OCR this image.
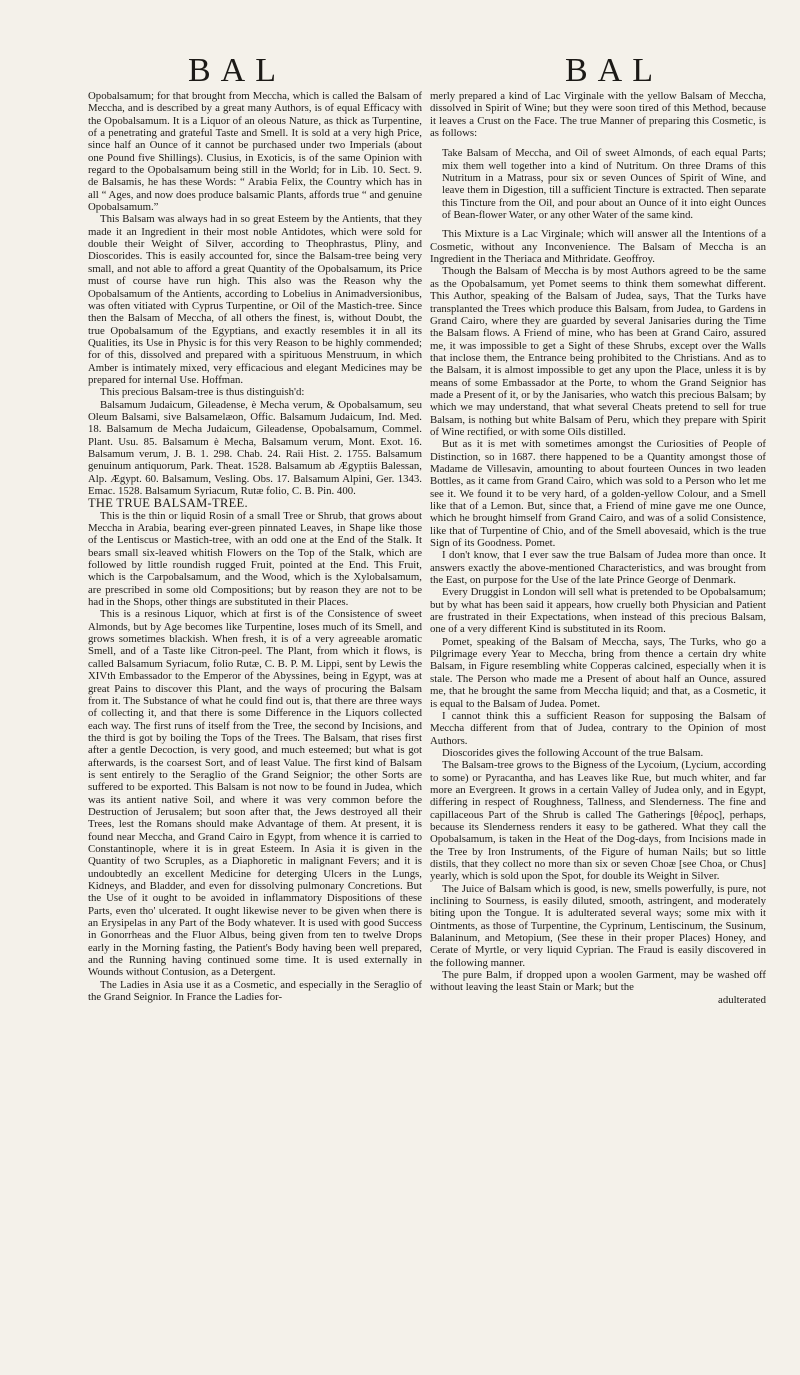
BAL	BAL

Opobalsamum; for that brought from Meccha, which is called the Balsam of Meccha, and is described by a great many Authors, is of equal Efficacy with the Opobalsamum. It is a Liquor of an oleous Nature, as thick as Turpentine, of a penetrating and grateful Taste and Smell. It is sold at a very high Price, since half an Ounce of it cannot be purchased under two Imperials (about one Pound five Shillings). Clusius, in Exoticis, is of the same Opinion with regard to the Opobalsamum being still in the World; for in Lib. 10. Sect. 9. de Balsamis, he has these Words: “ Arabia Felix, the Country which has in all “ Ages, and now does produce balsamic Plants, affords true “ and genuine Opobalsamum.”

This Balsam was always had in so great Esteem by the Antients, that they made it an Ingredient in their most noble Antidotes, which were sold for double their Weight of Silver, according to Theophrastus, Pliny, and Dioscorides. This is easily accounted for, since the Balsam-tree being very small, and not able to afford a great Quantity of the Opobalsamum, its Price must of course have run high. This also was the Reason why the Opobalsamum of the Antients, according to Lobelius in Animadversionibus, was often vitiated with Cyprus Turpentine, or Oil of the Mastich-tree. Since then the Balsam of Meccha, of all others the finest, is, without Doubt, the true Opobalsamum of the Egyptians, and exactly resembles it in all its Qualities, its Use in Physic is for this very Reason to be highly commended; for of this, dissolved and prepared with a spirituous Menstruum, in which Amber is intimately mixed, very efficacious and elegant Medicines may be prepared for internal Use. Hoffman.

This precious Balsam-tree is thus distinguish'd:

Balsamum Judaicum, Gileadense, è Mecha verum, & Opobalsamum, seu Oleum Balsami, sive Balsamelæon, Offic. Balsamum Judaicum, Ind. Med. 18. Balsamum de Mecha Judaicum, Gileadense, Opobalsamum, Commel. Plant. Usu. 85. Balsamum è Mecha, Balsamum verum, Mont. Exot. 16. Balsamum verum, J. B. 1. 298. Chab. 24. Raii Hist. 2. 1755. Balsamum genuinum antiquorum, Park. Theat. 1528. Balsamum ab Ægyptiis Balessan, Alp. Ægypt. 60. Balsamum, Vesling. Obs. 17. Balsamum Alpini, Ger. 1343. Emac. 1528. Balsamum Syriacum, Rutæ folio, C. B. Pin. 400.

THE TRUE BALSAM-TREE.

This is the thin or liquid Rosin of a small Tree or Shrub, that grows about Meccha in Arabia, bearing ever-green pinnated Leaves, in Shape like those of the Lentiscus or Mastich-tree, with an odd one at the End of the Stalk. It bears small six-leaved whitish Flowers on the Top of the Stalk, which are followed by little roundish rugged Fruit, pointed at the End. This Fruit, which is the Carpobalsamum, and the Wood, which is the Xylobalsamum, are prescribed in some old Compositions; but by reason they are not to be had in the Shops, other things are substituted in their Places.

This is a resinous Liquor, which at first is of the Consistence of sweet Almonds, but by Age becomes like Turpentine, loses much of its Smell, and grows sometimes blackish. When fresh, it is of a very agreeable aromatic Smell, and of a Taste like Citron-peel. The Plant, from which it flows, is called Balsamum Syriacum, folio Rutæ, C. B. P. M. Lippi, sent by Lewis the XIVth Embassador to the Emperor of the Abyssines, being in Egypt, was at great Pains to discover this Plant, and the ways of procuring the Balsam from it. The Substance of what he could find out is, that there are three ways of collecting it, and that there is some Difference in the Liquors collected each way. The first runs of itself from the Tree, the second by Incisions, and the third is got by boiling the Tops of the Trees. The Balsam, that rises first after a gentle Decoction, is very good, and much esteemed; but what is got afterwards, is the coarsest Sort, and of least Value. The first kind of Balsam is sent entirely to the Seraglio of the Grand Seignior; the other Sorts are suffered to be exported. This Balsam is not now to be found in Judea, which was its antient native Soil, and where it was very common before the Destruction of Jerusalem; but soon after that, the Jews destroyed all their Trees, lest the Romans should make Advantage of them. At present, it is found near Meccha, and Grand Cairo in Egypt, from whence it is carried to Constantinople, where it is in great Esteem. In Asia it is given in the Quantity of two Scruples, as a Diaphoretic in malignant Fevers; and it is undoubtedly an excellent Medicine for deterging Ulcers in the Lungs, Kidneys, and Bladder, and even for dissolving pulmonary Concretions. But the Use of it ought to be avoided in inflammatory Dispositions of these Parts, even tho' ulcerated. It ought likewise never to be given when there is an Erysipelas in any Part of the Body whatever. It is used with good Success in Gonorrheas and the Fluor Albus, being given from ten to twelve Drops early in the Morning fasting, the Patient's Body having been well prepared, and the Running having continued some time. It is used externally in Wounds without Contusion, as a Detergent.

The Ladies in Asia use it as a Cosmetic, and especially in the Seraglio of the Grand Seignior. In France the Ladies for-

merly prepared a kind of Lac Virginale with the yellow Balsam of Meccha, dissolved in Spirit of Wine; but they were soon tired of this Method, because it leaves a Crust on the Face. The true Manner of preparing this Cosmetic, is as follows:

Take Balsam of Meccha, and Oil of sweet Almonds, of each equal Parts; mix them well together into a kind of Nutritum. On three Drams of this Nutritum in a Matrass, pour six or seven Ounces of Spirit of Wine, and leave them in Digestion, till a sufficient Tincture is extracted. Then separate this Tincture from the Oil, and pour about an Ounce of it into eight Ounces of Bean-flower Water, or any other Water of the same kind.

This Mixture is a Lac Virginale; which will answer all the Intentions of a Cosmetic, without any Inconvenience. The Balsam of Meccha is an Ingredient in the Theriaca and Mithridate. Geoffroy.

Though the Balsam of Meccha is by most Authors agreed to be the same as the Opobalsamum, yet Pomet seems to think them somewhat different. This Author, speaking of the Balsam of Judea, says, That the Turks have transplanted the Trees which produce this Balsam, from Judea, to Gardens in Grand Cairo, where they are guarded by several Janisaries during the Time the Balsam flows. A Friend of mine, who has been at Grand Cairo, assured me, it was impossible to get a Sight of these Shrubs, except over the Walls that inclose them, the Entrance being prohibited to the Christians. And as to the Balsam, it is almost impossible to get any upon the Place, unless it is by means of some Embassador at the Porte, to whom the Grand Seignior has made a Present of it, or by the Janisaries, who watch this precious Balsam; by which we may understand, that what several Cheats pretend to sell for true Balsam, is nothing but white Balsam of Peru, which they prepare with Spirit of Wine rectified, or with some Oils distilled.

But as it is met with sometimes amongst the Curiosities of People of Distinction, so in 1687. there happened to be a Quantity amongst those of Madame de Villesavin, amounting to about fourteen Ounces in two leaden Bottles, as it came from Grand Cairo, which was sold to a Person who let me see it. We found it to be very hard, of a golden-yellow Colour, and a Smell like that of a Lemon. But, since that, a Friend of mine gave me one Ounce, which he brought himself from Grand Cairo, and was of a solid Consistence, like that of Turpentine of Chio, and of the Smell abovesaid, which is the true Sign of its Goodness. Pomet.

I don't know, that I ever saw the true Balsam of Judea more than once. It answers exactly the above-mentioned Characteristics, and was brought from the East, on purpose for the Use of the late Prince George of Denmark.

Every Druggist in London will sell what is pretended to be Opobalsamum; but by what has been said it appears, how cruelly both Physician and Patient are frustrated in their Expectations, when instead of this precious Balsam, one of a very different Kind is substituted in its Room.

Pomet, speaking of the Balsam of Meccha, says, The Turks, who go a Pilgrimage every Year to Meccha, bring from thence a certain dry white Balsam, in Figure resembling white Copperas calcined, especially when it is stale. The Person who made me a Present of about half an Ounce, assured me, that he brought the same from Meccha liquid; and that, as a Cosmetic, it is equal to the Balsam of Judea. Pomet.

I cannot think this a sufficient Reason for supposing the Balsam of Meccha different from that of Judea, contrary to the Opinion of most Authors.

Dioscorides gives the following Account of the true Balsam.

The Balsam-tree grows to the Bigness of the Lycoium, (Lycium, according to some) or Pyracantha, and has Leaves like Rue, but much whiter, and far more an Evergreen. It grows in a certain Valley of Judea only, and in Egypt, differing in respect of Roughness, Tallness, and Slenderness. The fine and capillaceous Part of the Shrub is called The Gatherings [θέρος], perhaps, because its Slenderness renders it easy to be gathered. What they call the Opobalsamum, is taken in the Heat of the Dog-days, from Incisions made in the Tree by Iron Instruments, of the Figure of human Nails; but so little distils, that they collect no more than six or seven Choæ [see Choa, or Chus] yearly, which is sold upon the Spot, for double its Weight in Silver.

The Juice of Balsam which is good, is new, smells powerfully, is pure, not inclining to Sourness, is easily diluted, smooth, astringent, and moderately biting upon the Tongue. It is adulterated several ways; some mix with it Ointments, as those of Turpentine, the Cyprinum, Lentiscinum, the Susinum, Balaninum, and Metopium, (See these in their proper Places) Honey, and Cerate of Myrtle, or very liquid Cyprian. The Fraud is easily discovered in the following manner.

The pure Balm, if dropped upon a woolen Garment, may be washed off without leaving the least Stain or Mark; but the

adulterated
